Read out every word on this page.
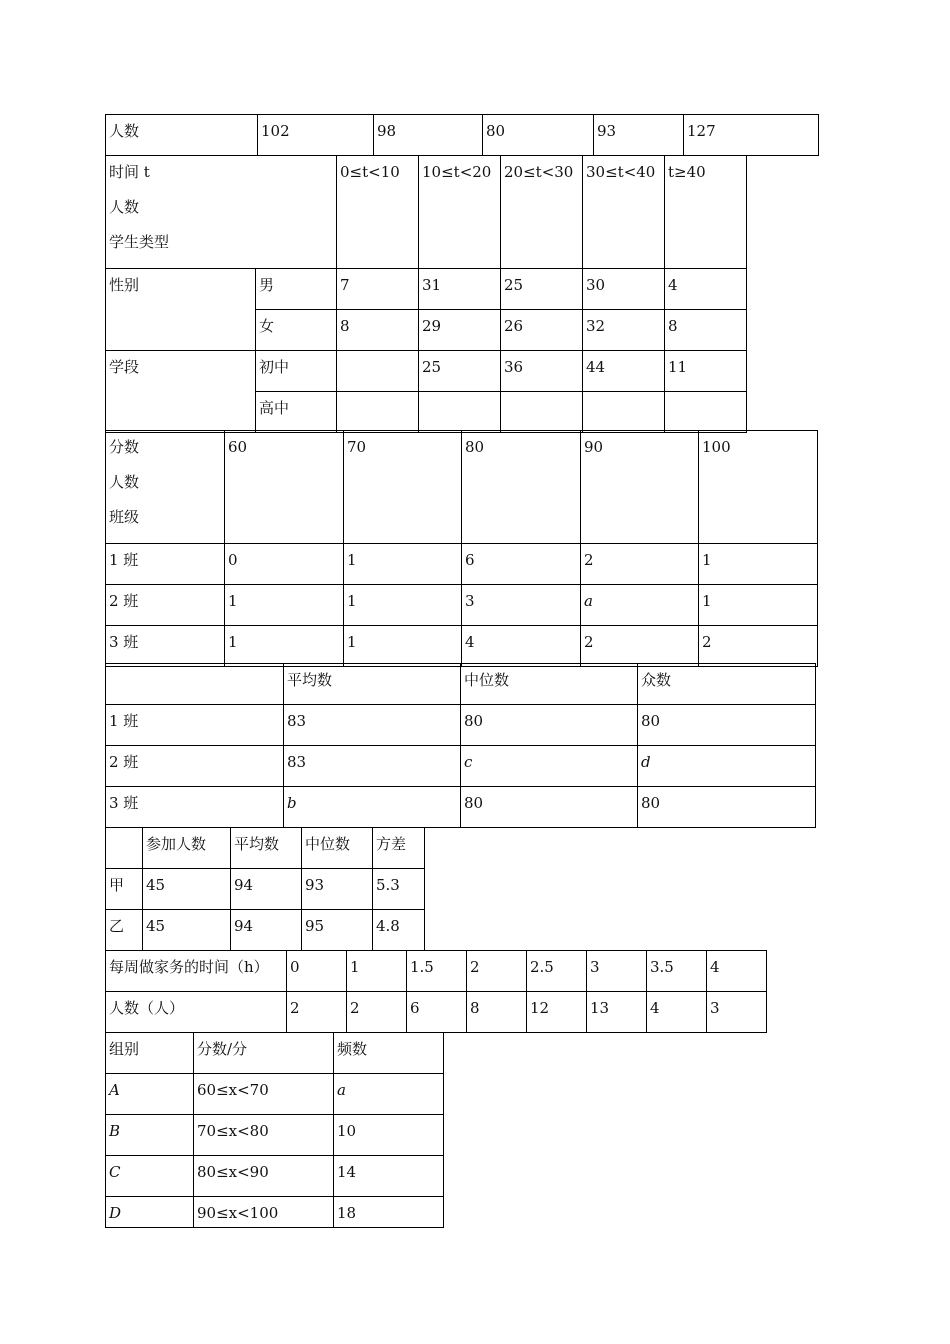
人数	102	98	80	93	127
时间 t
人数
学生类型		0≤t<10	10≤t<20	20≤t<30	30≤t<40	t≥40

性别	男	7	31	25	30	4

	女	8	29	26	32	8

学段	初中		25	36	44	11

	高中					

分数
人数
班级	60	70	80	90	100

1 班	0	1	6	2	1

2 班	1	1	3	a	1

3 班	1	1	4	2	2

	平均数	中位数	众数

1 班	83	80	80

2 班	83	c	d

3 班	b	80	80

	参加人数	平均数	中位数	方差

甲	45	94	93	5.3

乙	45	94	95	4.8
每周做家务的时间（h）	0	1	1.5	2	2.5	3	3.5	4

人数（人）	2	2	6	8	12	13	4	3
组别	分数/分	频数

A	60≤x<70	a

B	70≤x<80	10

C	80≤x<90	14

D	90≤x<100	18
